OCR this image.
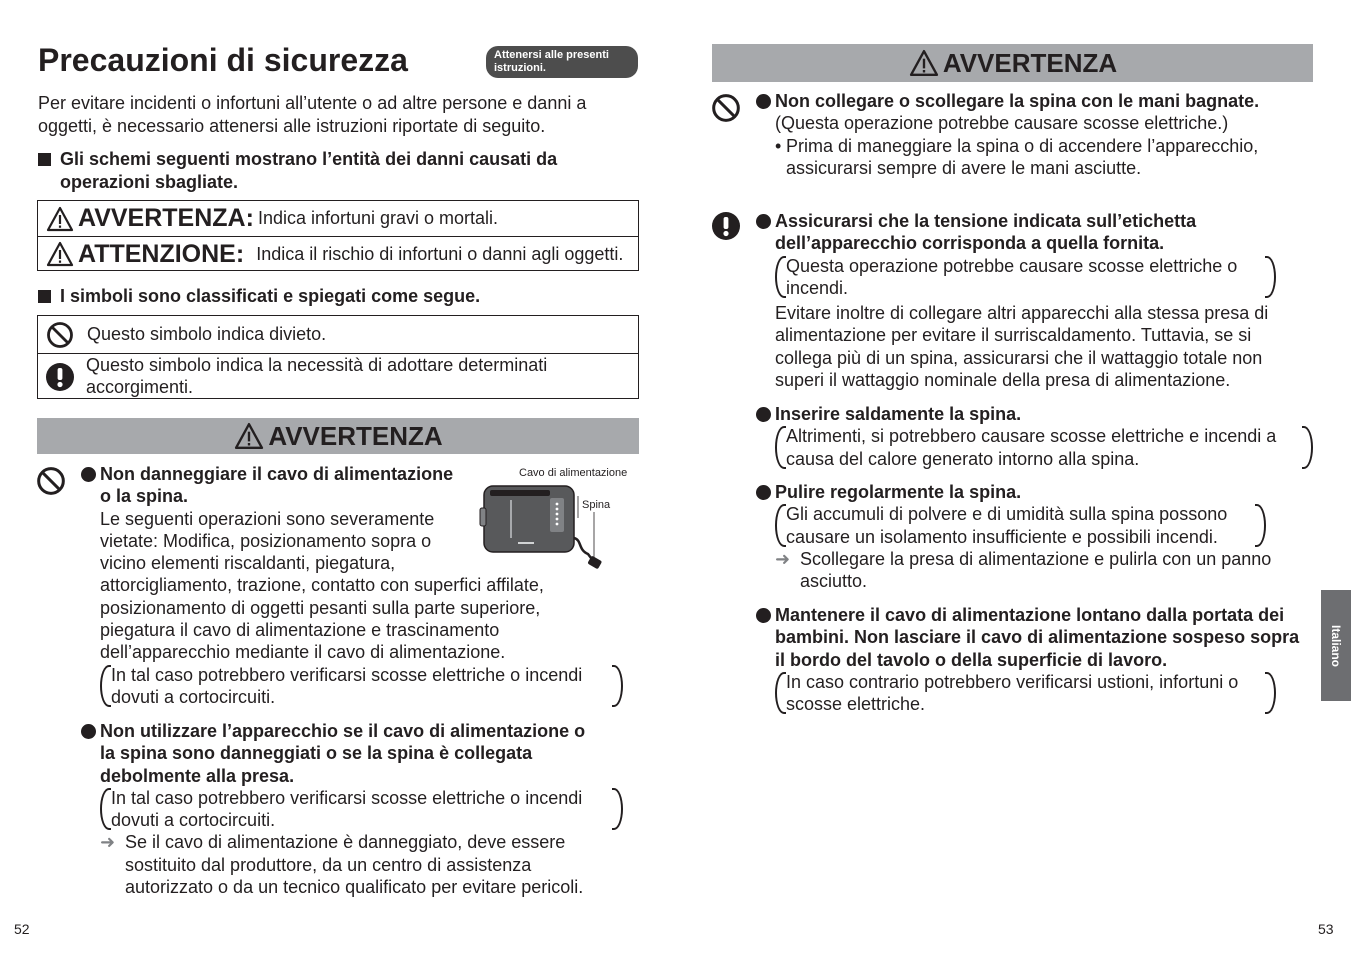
Precauzioni di sicurezza	Attenersi alle presenti istruzioni.
Per evitare incidenti o infortuni all’utente o ad altre persone e danni a oggetti, è necessario attenersi alle istruzioni riportate di seguito.
Gli schemi seguenti mostrano l’entità dei danni causati da operazioni sbagliate.
AVVERTENZA: Indica infortuni gravi o mortali.
ATTENZIONE: Indica il rischio di infortuni o danni agli oggetti.
I simboli sono classificati e spiegati come segue.
Questo simbolo indica divieto.
Questo simbolo indica la necessità di adottare determinati accorgimenti.
AVVERTENZA
Non danneggiare il cavo di alimentazione
o la spina.
Le seguenti operazioni sono severamente
vietate: Modifica, posizionamento sopra o
vicino elementi riscaldanti, piegatura,
attorcigliamento, trazione, contatto con superfici affilate,
posizionamento di oggetti pesanti sulla parte superiore,
piegatura il cavo di alimentazione e trascinamento
dell’apparecchio mediante il cavo di alimentazione.
In tal caso potrebbero verificarsi scosse elettriche o incendi dovuti a cortocircuiti.
Cavo di alimentazione
Spina
Non utilizzare l’apparecchio se il cavo di alimentazione o la spina sono danneggiati o se la spina è collegata debolmente alla presa.
In tal caso potrebbero verificarsi scosse elettriche o incendi dovuti a cortocircuiti.
➜ Se il cavo di alimentazione è danneggiato, deve essere sostituito dal produttore, da un centro di assistenza autorizzato o da un tecnico qualificato per evitare pericoli.
52
AVVERTENZA
Non collegare o scollegare la spina con le mani bagnate.
(Questa operazione potrebbe causare scosse elettriche.)
• Prima di maneggiare la spina o di accendere l’apparecchio, assicurarsi sempre di avere le mani asciutte.
Assicurarsi che la tensione indicata sull’etichetta dell’apparecchio corrisponda a quella fornita.
Questa operazione potrebbe causare scosse elettriche o incendi.
Evitare inoltre di collegare altri apparecchi alla stessa presa di alimentazione per evitare il surriscaldamento. Tuttavia, se si collega più di un spina, assicurarsi che il wattaggio totale non superi il wattaggio nominale della presa di alimentazione.
Inserire saldamente la spina.
Altrimenti, si potrebbero causare scosse elettriche e incendi a causa del calore generato intorno alla spina.
Pulire regolarmente la spina.
Gli accumuli di polvere e di umidità sulla spina possono causare un isolamento insufficiente e possibili incendi.
➜ Scollegare la presa di alimentazione e pulirla con un panno asciutto.
Mantenere il cavo di alimentazione lontano dalla portata dei bambini. Non lasciare il cavo di alimentazione sospeso sopra il bordo del tavolo o della superficie di lavoro.
In caso contrario potrebbero verificarsi ustioni, infortuni o scosse elettriche.
Italiano
53
